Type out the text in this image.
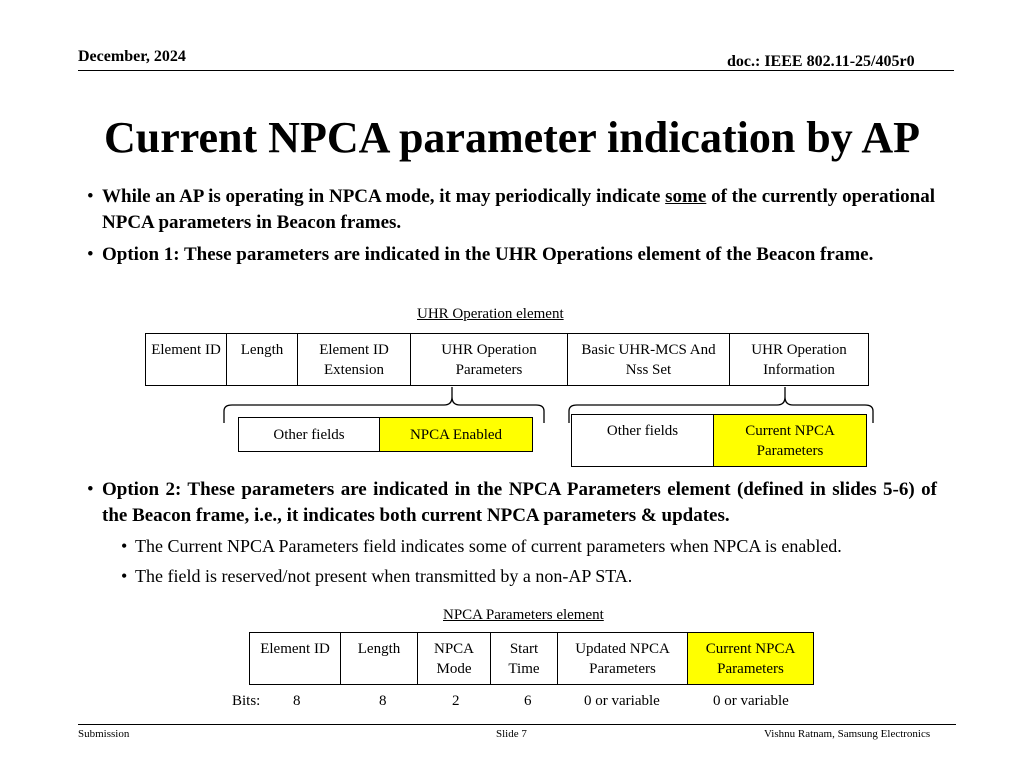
December, 2024	doc.: IEEE 802.11-25/405r0
Current NPCA parameter indication by AP
• While an AP is operating in NPCA mode, it may periodically indicate some of the currently operational NPCA parameters in Beacon frames.
• Option 1: These parameters are indicated in the UHR Operations element of the Beacon frame.
UHR Operation element
Element ID	Length	Element ID Extension	UHR Operation Parameters	Basic UHR-MCS And Nss Set	UHR Operation Information
Other fields	NPCA Enabled	Other fields	Current NPCA Parameters
• Option 2: These parameters are indicated in the NPCA Parameters element (defined in slides 5-6) of the Beacon frame, i.e., it indicates both current NPCA parameters & updates.
• The Current NPCA Parameters field indicates some of current parameters when NPCA is enabled.
• The field is reserved/not present when transmitted by a non-AP STA.
NPCA Parameters element
Element ID	Length	NPCA Mode	Start Time	Updated NPCA Parameters	Current NPCA Parameters
Bits: 8	8	2	6	0 or variable	0 or variable
Submission	Slide 7	Vishnu Ratnam, Samsung Electronics
